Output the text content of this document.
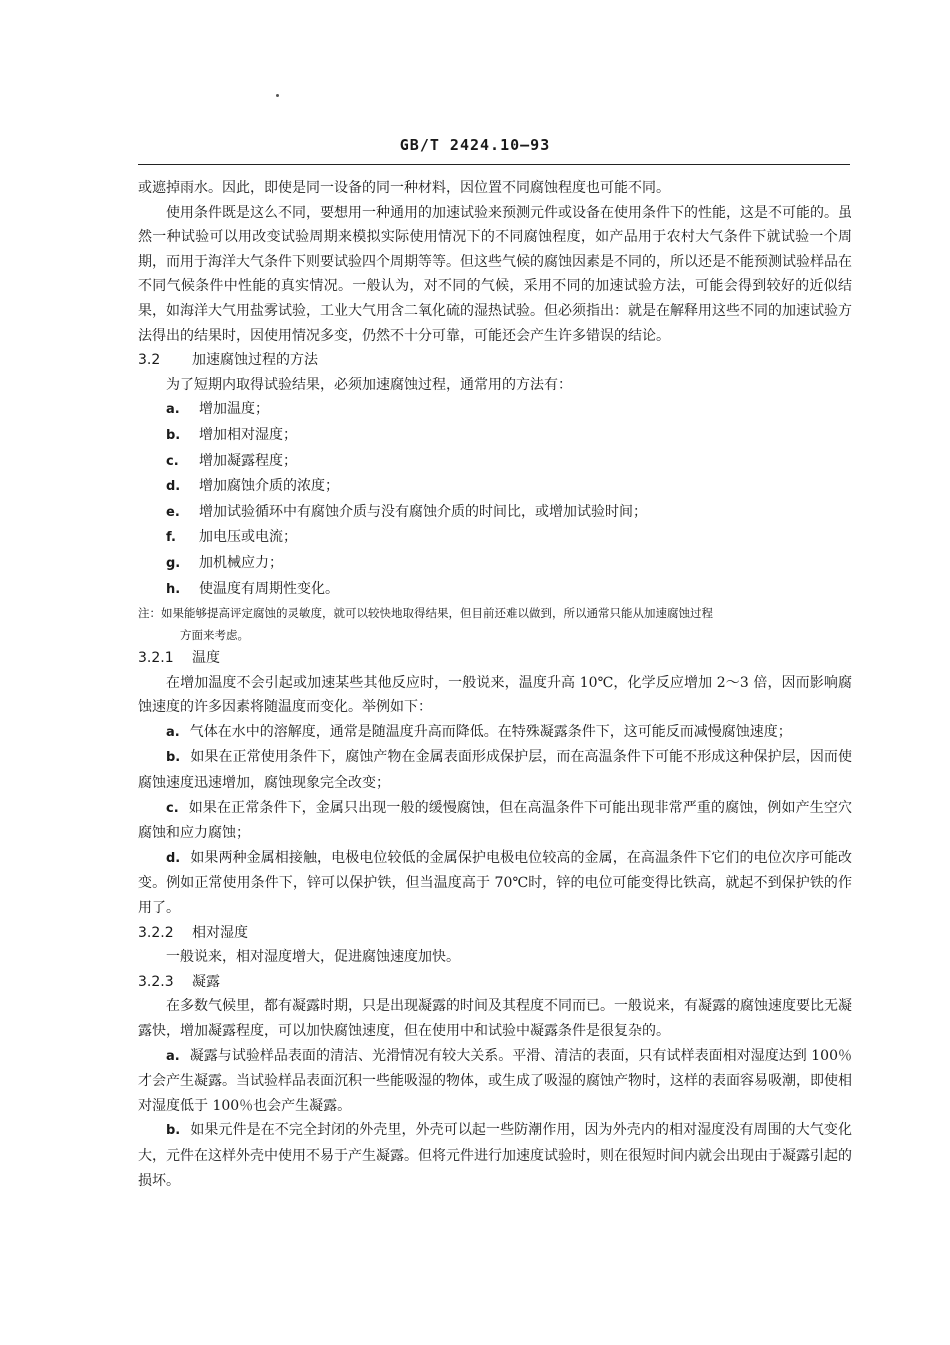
GB/T 2424.10—93

或遮掉雨水。因此，即使是同一设备的同一种材料，因位置不同腐蚀程度也可能不同。

使用条件既是这么不同，要想用一种通用的加速试验来预测元件或设备在使用条件下的性能，这是不可能的。虽然一种试验可以用改变试验周期来模拟实际使用情况下的不同腐蚀程度，如产品用于农村大气条件下就试验一个周期，而用于海洋大气条件下则要试验四个周期等等。但这些气候的腐蚀因素是不同的，所以还是不能预测试验样品在不同气候条件中性能的真实情况。一般认为，对不同的气候，采用不同的加速试验方法，可能会得到较好的近似结果，如海洋大气用盐雾试验，工业大气用含二氧化硫的湿热试验。但必须指出：就是在解释用这些不同的加速试验方法得出的结果时，因使用情况多变，仍然不十分可靠，可能还会产生许多错误的结论。

3.2 加速腐蚀过程的方法

为了短期内取得试验结果，必须加速腐蚀过程，通常用的方法有：

a. 增加温度；
b. 增加相对湿度；
c. 增加凝露程度；
d. 增加腐蚀介质的浓度；
e. 增加试验循环中有腐蚀介质与没有腐蚀介质的时间比，或增加试验时间；
f. 加电压或电流；
g. 加机械应力；
h. 使温度有周期性变化。
注：如果能够提高评定腐蚀的灵敏度，就可以较快地取得结果，但目前还难以做到，所以通常只能从加速腐蚀过程
方面来考虑。
3.2.1 温度

在增加温度不会引起或加速某些其他反应时，一般说来，温度升高 10℃，化学反应增加 2～3 倍，因而影响腐蚀速度的许多因素将随温度而变化。举例如下：

a. 气体在水中的溶解度，通常是随温度升高而降低。在特殊凝露条件下，这可能反而减慢腐蚀速度；

b. 如果在正常使用条件下，腐蚀产物在金属表面形成保护层，而在高温条件下可能不形成这种保护层，因而使腐蚀速度迅速增加，腐蚀现象完全改变；

c. 如果在正常条件下，金属只出现一般的缓慢腐蚀，但在高温条件下可能出现非常严重的腐蚀，例如产生空穴腐蚀和应力腐蚀；

d. 如果两种金属相接触，电极电位较低的金属保护电极电位较高的金属，在高温条件下它们的电位次序可能改变。例如正常使用条件下，锌可以保护铁，但当温度高于 70℃时，锌的电位可能变得比铁高，就起不到保护铁的作用了。

3.2.2 相对湿度

一般说来，相对湿度增大，促进腐蚀速度加快。

3.2.3 凝露

在多数气候里，都有凝露时期，只是出现凝露的时间及其程度不同而已。一般说来，有凝露的腐蚀速度要比无凝露快，增加凝露程度，可以加快腐蚀速度，但在使用中和试验中凝露条件是很复杂的。

a. 凝露与试验样品表面的清洁、光滑情况有较大关系。平滑、清洁的表面，只有试样表面相对湿度达到 100％才会产生凝露。当试验样品表面沉积一些能吸湿的物体，或生成了吸湿的腐蚀产物时，这样的表面容易吸潮，即使相对湿度低于 100％也会产生凝露。

b. 如果元件是在不完全封闭的外壳里，外壳可以起一些防潮作用，因为外壳内的相对湿度没有周围的大气变化大，元件在这样外壳中使用不易于产生凝露。但将元件进行加速度试验时，则在很短时间内就会出现由于凝露引起的损坏。
